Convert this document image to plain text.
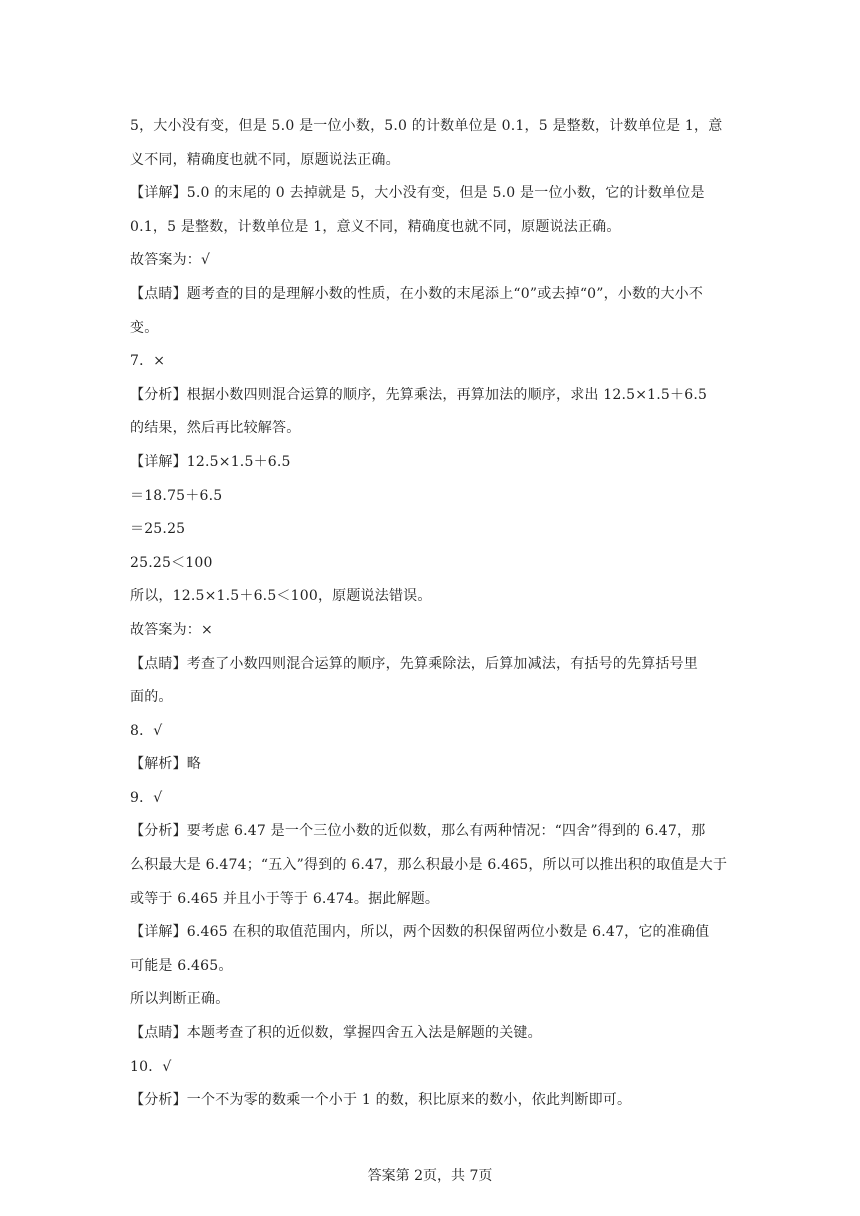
5，大小没有变，但是 5.0 是一位小数，5.0 的计数单位是 0.1，5 是整数，计数单位是 1，意

义不同，精确度也就不同，原题说法正确。

【详解】5.0 的末尾的 0 去掉就是 5，大小没有变，但是 5.0 是一位小数，它的计数单位是

0.1，5 是整数，计数单位是 1，意义不同，精确度也就不同，原题说法正确。

故答案为：√

【点睛】题考查的目的是理解小数的性质，在小数的末尾添上“0”或去掉“0”，小数的大小不

变。

7．×

【分析】根据小数四则混合运算的顺序，先算乘法，再算加法的顺序，求出 12.5×1.5＋6.5

的结果，然后再比较解答。

【详解】12.5×1.5＋6.5

＝18.75＋6.5

＝25.25

25.25＜100

所以，12.5×1.5＋6.5＜100，原题说法错误。

故答案为：×

【点睛】考查了小数四则混合运算的顺序，先算乘除法，后算加减法，有括号的先算括号里

面的。

8．√

【解析】略

9．√

【分析】要考虑 6.47 是一个三位小数的近似数，那么有两种情况：“四舍”得到的 6.47，那

么积最大是 6.474；“五入”得到的 6.47，那么积最小是 6.465，所以可以推出积的取值是大于

或等于 6.465 并且小于等于 6.474。据此解题。

【详解】6.465 在积的取值范围内，所以，两个因数的积保留两位小数是 6.47，它的准确值

可能是 6.465。

所以判断正确。

【点睛】本题考查了积的近似数，掌握四舍五入法是解题的关键。

10．√

【分析】一个不为零的数乘一个小于 1 的数，积比原来的数小，依此判断即可。

答案第 2页，共 7页
